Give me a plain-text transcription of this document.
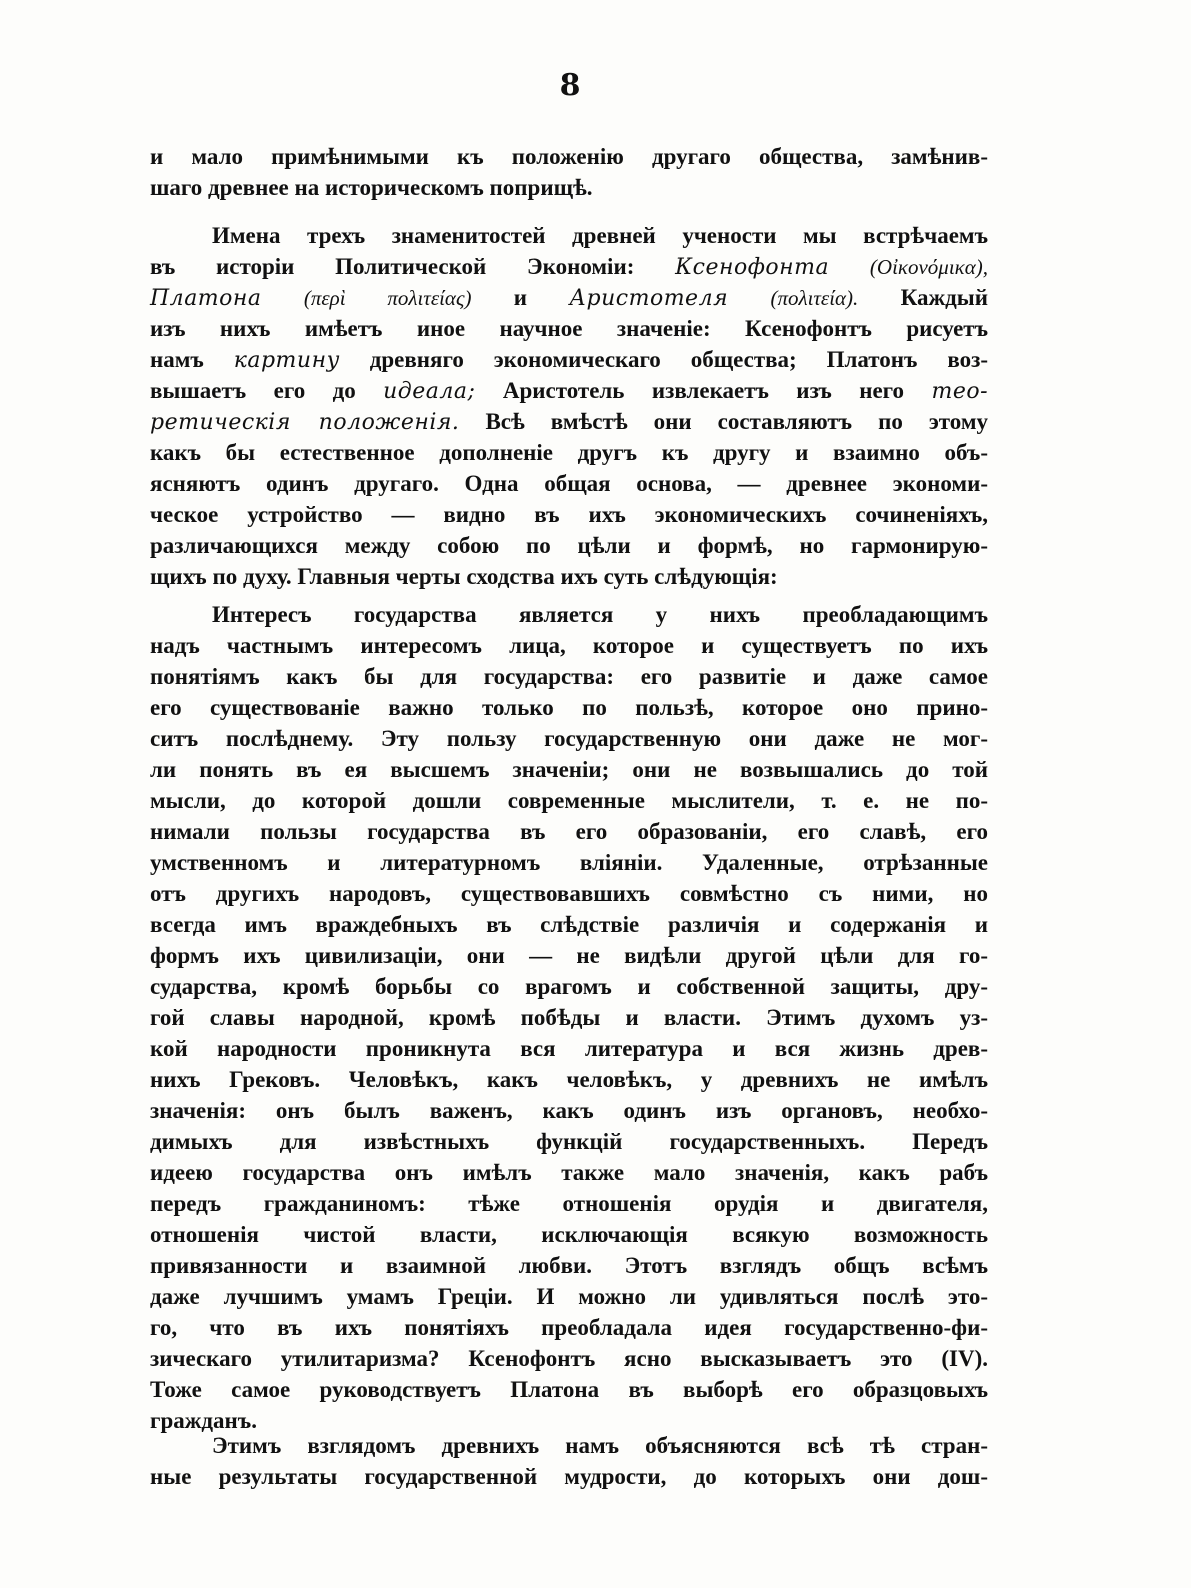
8
и мало примѣнимыми къ положенію другаго общества, замѣнив-
шаго древнее на историческомъ поприщѣ.
Имена трехъ знаменитостей древней учености мы встрѣчаемъ
въ исторіи Политической Экономіи: Ксенофонта (Οἰκονόμικα),
Платона (περὶ πολιτείας) и Аристотеля (πολιτεία). Каждый
изъ нихъ имѣетъ иное научное значеніе: Ксенофонтъ рисуетъ
намъ картину древняго экономическаго общества; Платонъ воз-
вышаетъ его до идеала; Аристотель извлекаетъ изъ него тео-
ретическія положенія. Всѣ вмѣстѣ они составляютъ по этому
какъ бы естественное дополненіе другъ къ другу и взаимно объ-
ясняютъ одинъ другаго. Одна общая основа, — древнее экономи-
ческое устройство — видно въ ихъ экономическихъ сочиненіяхъ,
различающихся между собою по цѣли и формѣ, но гармонирую-
щихъ по духу. Главныя черты сходства ихъ суть слѣдующія:
Интересъ государства является у нихъ преобладающимъ
надъ частнымъ интересомъ лица, которое и существуетъ по ихъ
понятіямъ какъ бы для государства: его развитіе и даже самое
его существованіе важно только по пользѣ, которое оно прино-
ситъ послѣднему. Эту пользу государственную они даже не мог-
ли понять въ ея высшемъ значеніи; они не возвышались до той
мысли, до которой дошли современные мыслители, т. е. не по-
нимали пользы государства въ его образованіи, его славѣ, его
умственномъ и литературномъ вліяніи. Удаленные, отрѣзанные
отъ другихъ народовъ, существовавшихъ совмѣстно съ ними, но
всегда имъ враждебныхъ въ слѣдствіе различія и содержанія и
формъ ихъ цивилизаціи, они — не видѣли другой цѣли для го-
сударства, кромѣ борьбы со врагомъ и собственной защиты, дру-
гой славы народной, кромѣ побѣды и власти. Этимъ духомъ уз-
кой народности проникнута вся литература и вся жизнь древ-
нихъ Грековъ. Человѣкъ, какъ человѣкъ, у древнихъ не имѣлъ
значенія: онъ былъ важенъ, какъ одинъ изъ органовъ, необхо-
димыхъ для извѣстныхъ функцій государственныхъ. Передъ
идеею государства онъ имѣлъ также мало значенія, какъ рабъ
передъ гражданиномъ: тѣже отношенія орудія и двигателя,
отношенія чистой власти, исключающія всякую возможность
привязанности и взаимной любви. Этотъ взглядъ общъ всѣмъ
даже лучшимъ умамъ Греціи. И можно ли удивляться послѣ это-
го, что въ ихъ понятіяхъ преобладала идея государственно-фи-
зическаго утилитаризма? Ксенофонтъ ясно высказываетъ это (IV).
Тоже самое руководствуетъ Платона въ выборѣ его образцовыхъ
гражданъ.
Этимъ взглядомъ древнихъ намъ объясняются всѣ тѣ стран-
ные результаты государственной мудрости, до которыхъ они дош-
